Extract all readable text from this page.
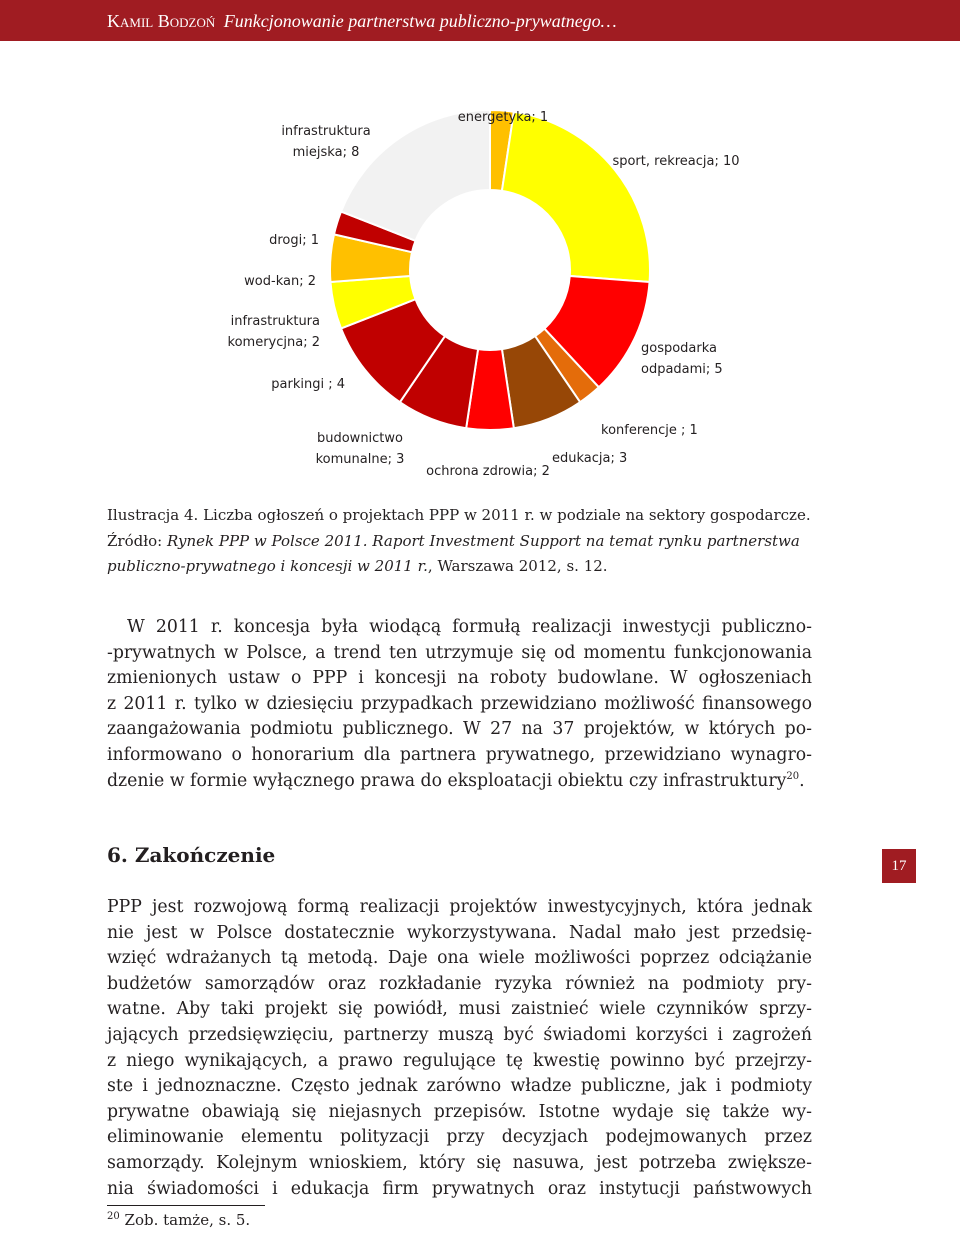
Kamil Bodzoń Funkcjonowanie partnerstwa publiczno-prywatnego…
energetyka; 1
sport, rekreacja; 10
gospodarka odpadami; 5
konferencje ; 1
edukacja; 3
ochrona zdrowia; 2
budownictwo komunalne; 3
parkingi ; 4
infrastruktura komerycjna; 2
wod-kan; 2
drogi; 1
infrastruktura miejska; 8
Ilustracja 4. Liczba ogłoszeń o projektach PPP w 2011 r. w podziale na sektory gospodarcze.
Źródło: Rynek PPP w Polsce 2011. Raport Investment Support na temat rynku partnerstwa
publiczno-prywatnego i koncesji w 2011 r., Warszawa 2012, s. 12.
W 2011 r. koncesja była wiodącą formułą realizacji inwestycji publiczno-
-prywatnych w Polsce, a trend ten utrzymuje się od momentu funkcjonowania
zmienionych ustaw o PPP i koncesji na roboty budowlane. W ogłoszeniach
z 2011 r. tylko w dziesięciu przypadkach przewidziano możliwość finansowego
zaangażowania podmiotu publicznego. W 27 na 37 projektów, w których po-
informowano o honorarium dla partnera prywatnego, przewidziano wynagro-
dzenie w formie wyłącznego prawa do eksploatacji obiektu czy infrastruktury$^{20}$.
6. Zakończenie	17
PPP jest rozwojową formą realizacji projektów inwestycyjnych, która jednak
nie jest w Polsce dostatecznie wykorzystywana. Nadal mało jest przedsię-
wzięć wdrażanych tą metodą. Daje ona wiele możliwości poprzez odciążanie
budżetów samorządów oraz rozkładanie ryzyka również na podmioty pry-
watne. Aby taki projekt się powiódł, musi zaistnieć wiele czynników sprzy-
jających przedsięwzięciu, partnerzy muszą być świadomi korzyści i zagrożeń
z niego wynikających, a prawo regulujące tę kwestię powinno być przejrzy-
ste i jednoznaczne. Często jednak zarówno władze publiczne, jak i podmioty
prywatne obawiają się niejasnych przepisów. Istotne wydaje się także wy-
eliminowanie elementu polityzacji przy decyzjach podejmowanych przez
samorządy. Kolejnym wnioskiem, który się nasuwa, jest potrzeba zwiększe-
nia świadomości i edukacja firm prywatnych oraz instytucji państwowych
$^{20}$ Zob. tamże, s. 5.
